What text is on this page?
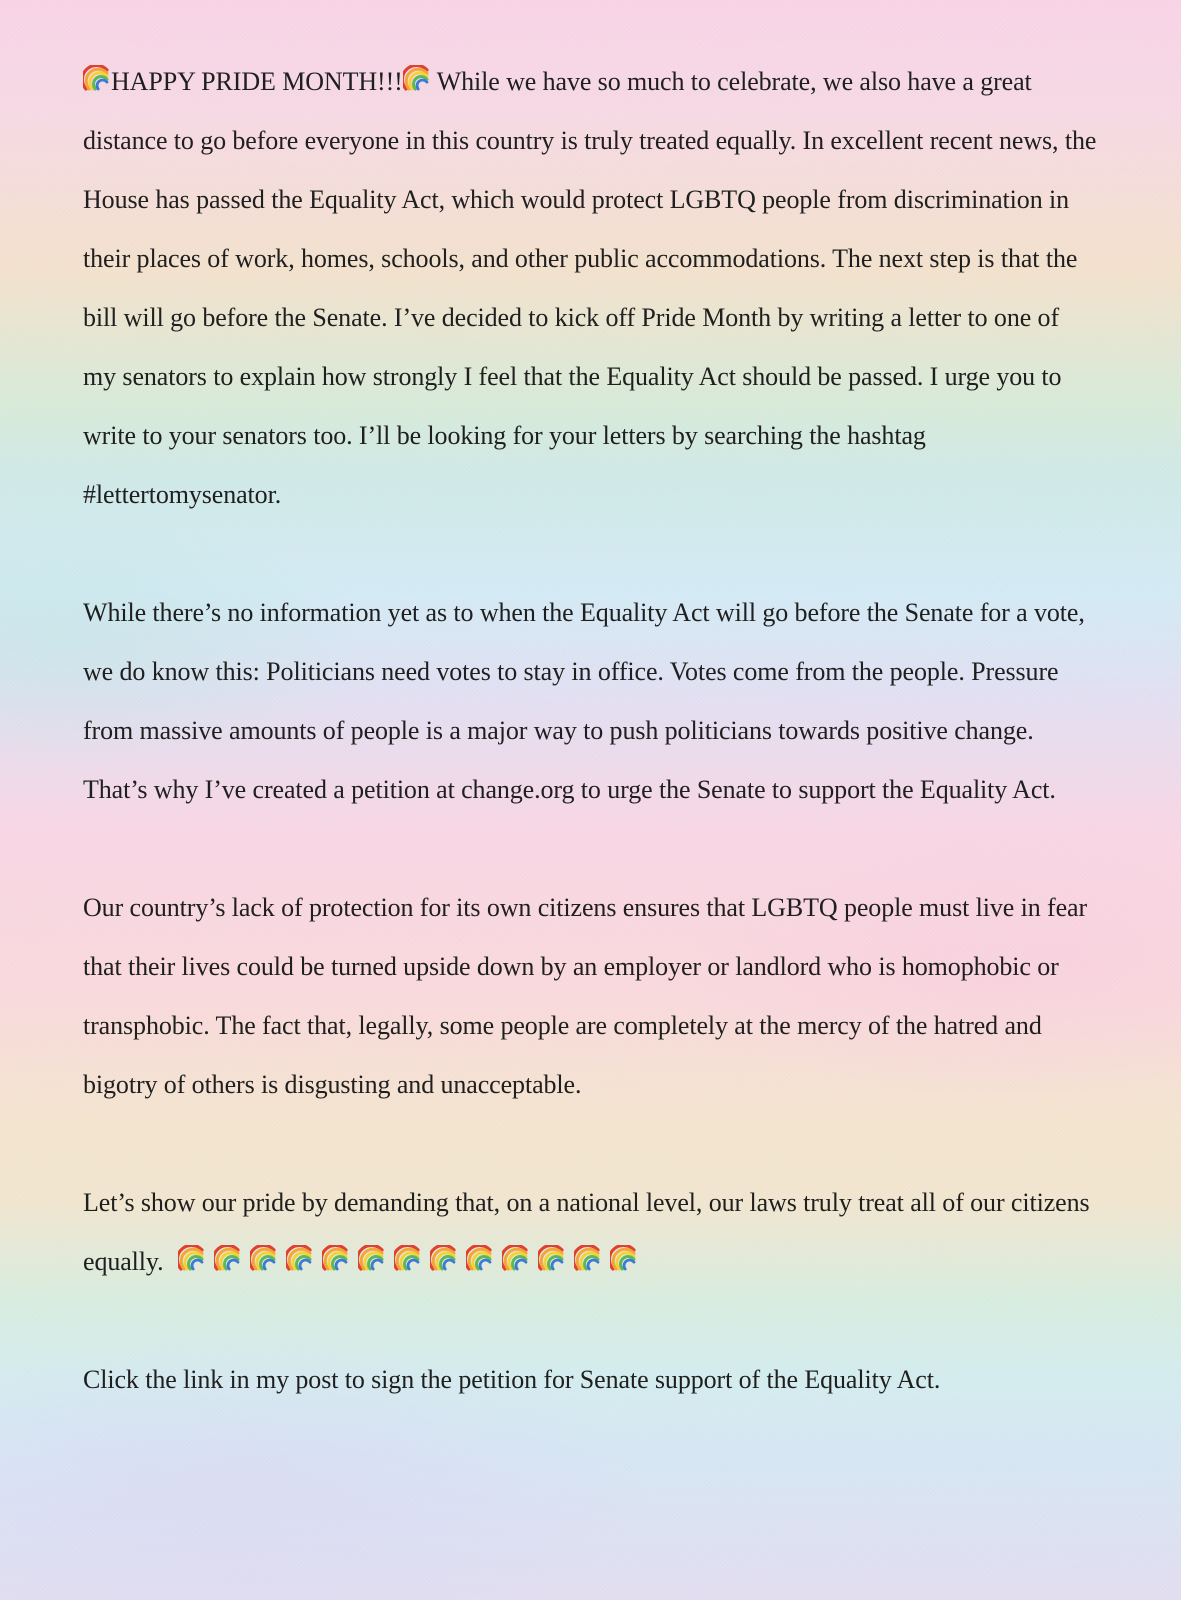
HAPPY PRIDE MONTH!!! While we have so much to celebrate, we also have a great distance to go before everyone in this country is truly treated equally. In excellent recent news, the House has passed the Equality Act, which would protect LGBTQ people from discrimination in their places of work, homes, schools, and other public accommodations. The next step is that the bill will go before the Senate. I’ve decided to kick off Pride Month by writing a letter to one of my senators to explain how strongly I feel that the Equality Act should be passed. I urge you to write to your senators too. I’ll be looking for your letters by searching the hashtag #lettertomysenator.

While there’s no information yet as to when the Equality Act will go before the Senate for a vote, we do know this: Politicians need votes to stay in office. Votes come from the people. Pressure from massive amounts of people is a major way to push politicians towards positive change. That’s why I’ve created a petition at change.org to urge the Senate to support the Equality Act.

Our country’s lack of protection for its own citizens ensures that LGBTQ people must live in fear that their lives could be turned upside down by an employer or landlord who is homophobic or transphobic. The fact that, legally, some people are completely at the mercy of the hatred and bigotry of others is disgusting and unacceptable.

Let’s show our pride by demanding that, on a national level, our laws truly treat all of our citizens equally.

Click the link in my post to sign the petition for Senate support of the Equality Act.
